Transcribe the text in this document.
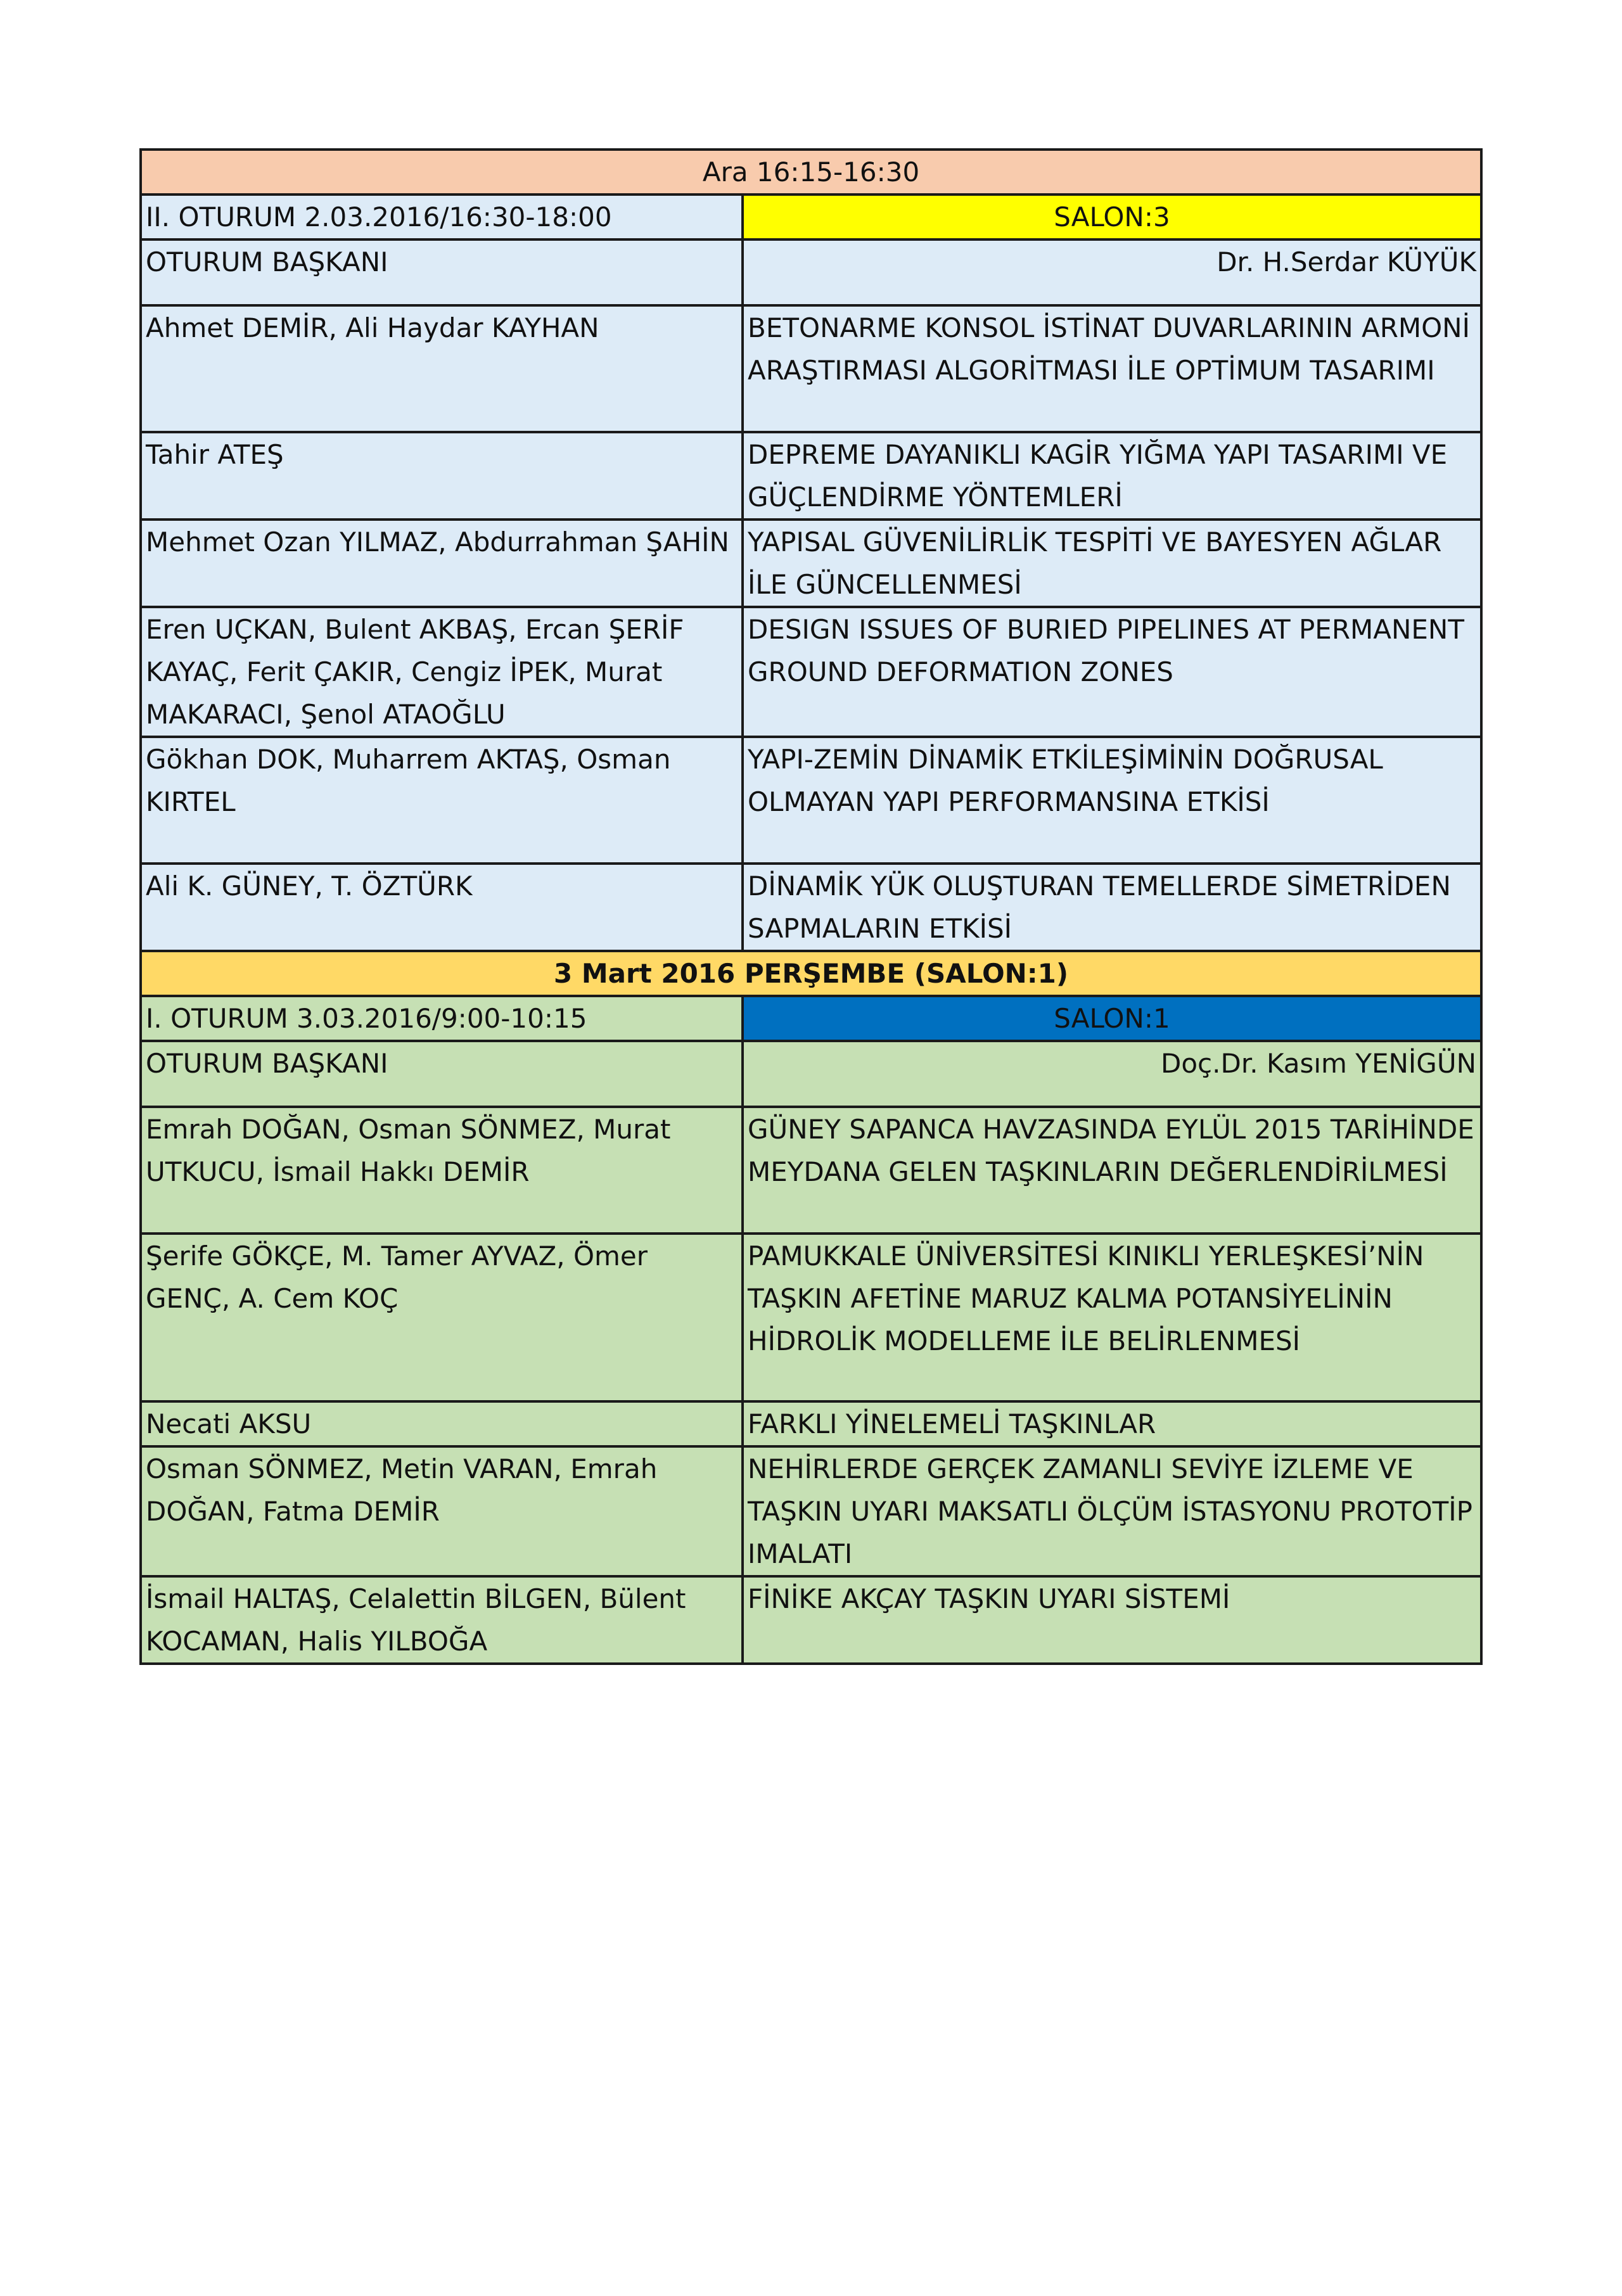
Ara 16:15-16:30	
II. OTURUM 2.03.2016/16:30-18:00	SALON:3
OTURUM BAŞKANI	Dr. H.Serdar KÜYÜK
Ahmet DEMİR, Ali Haydar KAYHAN	BETONARME KONSOL İSTİNAT DUVARLARININ ARMONİ ARAŞTIRMASI ALGORİTMASI İLE OPTİMUM TASARIMI
Tahir ATEŞ	DEPREME DAYANIKLI KAGİR YIĞMA YAPI TASARIMI VE GÜÇLENDİRME YÖNTEMLERİ
Mehmet Ozan YILMAZ, Abdurrahman ŞAHİN	YAPISAL GÜVENİLİRLİK TESPİTİ VE BAYESYEN AĞLAR İLE GÜNCELLENMESİ
Eren UÇKAN, Bulent AKBAŞ, Ercan ŞERİF KAYAÇ, Ferit ÇAKIR, Cengiz İPEK, Murat MAKARACI, Şenol ATAOĞLU	DESIGN ISSUES OF BURIED PIPELINES AT PERMANENT GROUND DEFORMATION ZONES
Gökhan DOK, Muharrem AKTAŞ, Osman KIRTEL	YAPI-ZEMİN DİNAMİK ETKİLEŞİMİNİN DOĞRUSAL OLMAYAN YAPI PERFORMANSINA ETKİSİ
Ali K. GÜNEY, T. ÖZTÜRK	DİNAMİK YÜK OLUŞTURAN TEMELLERDE SİMETRİDEN SAPMALARIN ETKİSİ
3 Mart 2016 PERŞEMBE (SALON:1)	
I. OTURUM 3.03.2016/9:00-10:15	SALON:1
OTURUM BAŞKANI	Doç.Dr. Kasım YENİGÜN
Emrah DOĞAN, Osman SÖNMEZ, Murat UTKUCU, İsmail Hakkı DEMİR	GÜNEY SAPANCA HAVZASINDA EYLÜL 2015 TARİHİNDE MEYDANA GELEN TAŞKINLARIN DEĞERLENDİRİLMESİ
Şerife GÖKÇE, M. Tamer AYVAZ, Ömer GENÇ, A. Cem KOÇ	PAMUKKALE ÜNİVERSİTESİ KINIKLI YERLEŞKESİ’NİN TAŞKIN AFETİNE MARUZ KALMA POTANSİYELİNİN HİDROLİK MODELLEME İLE BELİRLENMESİ
Necati AKSU	FARKLI YİNELEMELİ TAŞKINLAR
Osman SÖNMEZ, Metin VARAN, Emrah DOĞAN, Fatma DEMİR	NEHİRLERDE GERÇEK ZAMANLI SEVİYE İZLEME VE TAŞKIN UYARI MAKSATLI ÖLÇÜM İSTASYONU PROTOTİP IMALATI
İsmail HALTAŞ, Celalettin BİLGEN, Bülent KOCAMAN, Halis YILBOĞA	FİNİKE AKÇAY TAŞKIN UYARI SİSTEMİ
